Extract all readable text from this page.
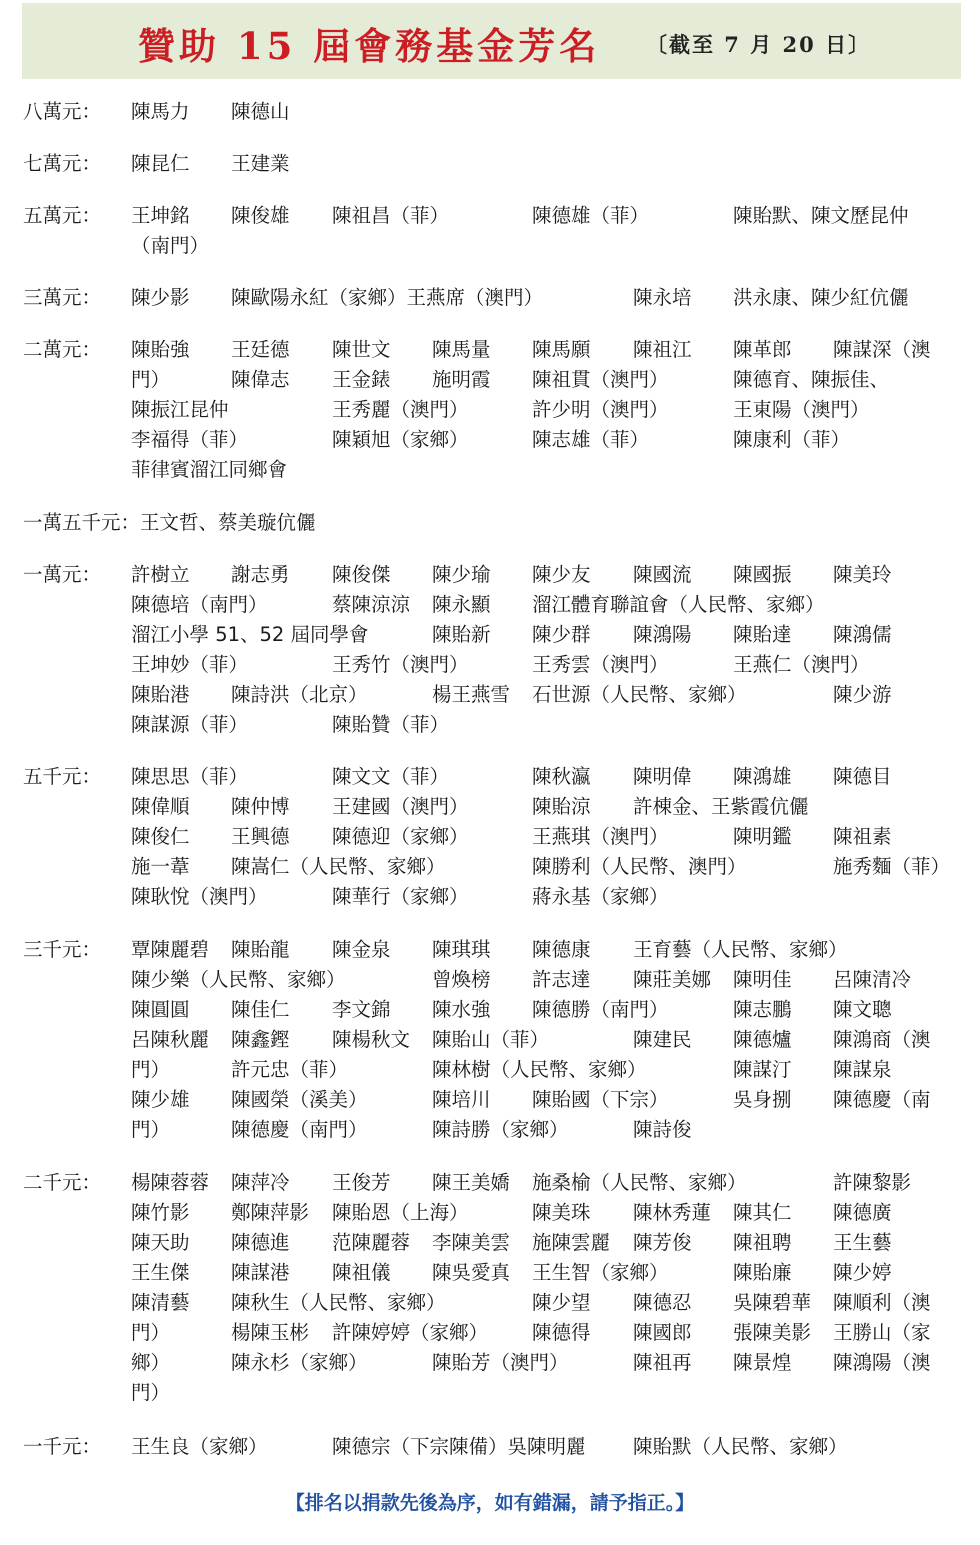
贊助 15 屆會務基金芳名 〔截至 7 月 20 日〕
八萬元： 陳馬力 陳德山
七萬元： 陳昆仁 王建業
五萬元： 王坤銘 陳俊雄 陳祖昌（菲）	陳德雄（菲）	陳貽默、陳文歷昆仲
（南門）
三萬元： 陳少影 陳歐陽永紅（家鄉）王燕席（澳門）	陳永培 洪永康、陳少紅伉儷
二萬元： 陳貽強 王廷德 陳世文 陳馬量 陳馬願 陳祖江 陳革郎 陳謀深（澳
門）	陳偉志 王金錶 施明霞 陳祖貫（澳門）	陳德育、陳振佳、
陳振江昆仲	王秀麗（澳門）	許少明（澳門）	王東陽（澳門）
李福得（菲）	陳穎旭（家鄉）	陳志雄（菲）	陳康利（菲）
菲律賓溜江同鄉會
一萬五千元：王文哲、蔡美璇伉儷
一萬元： 許樹立 謝志勇 陳俊傑 陳少瑜 陳少友 陳國流 陳國振 陳美玲
陳德培（南門）	蔡陳涼涼 陳永顯 溜江體育聯誼會（人民幣、家鄉）
溜江小學 51、52 屆同學會	陳貽新 陳少群 陳鴻陽 陳貽達 陳鴻儒
王坤妙（菲）	王秀竹（澳門）	王秀雲（澳門）	王燕仁（澳門）
陳貽港 陳詩洪（北京）	楊王燕雪 石世源（人民幣、家鄉）	陳少游
陳謀源（菲）	陳貽贊（菲）
五千元： 陳思思（菲）	陳文文（菲）	陳秋瀛 陳明偉 陳鴻雄 陳德目
陳偉順 陳仲博 王建國（澳門）	陳貽涼 許棟金、王紫霞伉儷
陳俊仁 王興德 陳德迎（家鄉）	王燕琪（澳門）	陳明鑑 陳祖素
施一葦 陳嵩仁（人民幣、家鄉）	陳勝利（人民幣、澳門）	施秀麵（菲）
陳耿悅（澳門）	陳華行（家鄉）	蔣永基（家鄉）
三千元： 覃陳麗碧 陳貽龍 陳金泉 陳琪琪 陳德康 王育藝（人民幣、家鄉）
陳少樂（人民幣、家鄉）	曾煥榜 許志達 陳莊美娜 陳明佳 呂陳清冷
陳圓圓 陳佳仁 李文錦 陳水強 陳德勝（南門）	陳志鵬 陳文聰
呂陳秋麗 陳鑫鏗 陳楊秋文 陳貽山（菲）	陳建民 陳德爐 陳鴻商（澳
門）	許元忠（菲）	陳林樹（人民幣、家鄉）	陳謀汀 陳謀泉
陳少雄 陳國榮（溪美）	陳培川 陳貽國（下宗）	吳身捌 陳德慶（南
門）	陳德慶（南門）	陳詩勝（家鄉）	陳詩俊
二千元： 楊陳蓉蓉 陳萍冷 王俊芳 陳王美嬌 施桑榆（人民幣、家鄉）	許陳黎影
陳竹影 鄭陳萍影 陳貽恩（上海）	陳美珠 陳林秀蓮 陳其仁 陳德廣
陳天助 陳德進 范陳麗蓉 李陳美雲 施陳雲麗 陳芳俊 陳祖聘 王生藝
王生傑 陳謀港 陳祖儀 陳吳愛真 王生智（家鄉）	陳貽廉 陳少婷
陳清藝 陳秋生（人民幣、家鄉）	陳少望 陳德忍 吳陳碧華 陳順利（澳
門）	楊陳玉彬 許陳婷婷（家鄉） 陳德得 陳國郎 張陳美影 王勝山（家
鄉）	陳永杉（家鄉）	陳貽芳（澳門）	陳祖再 陳景煌 陳鴻陽（澳
門）
一千元： 王生良（家鄉）	陳德宗（下宗陳備）吳陳明麗 陳貽默（人民幣、家鄉）
【排名以捐款先後為序，如有錯漏，請予指正。】
